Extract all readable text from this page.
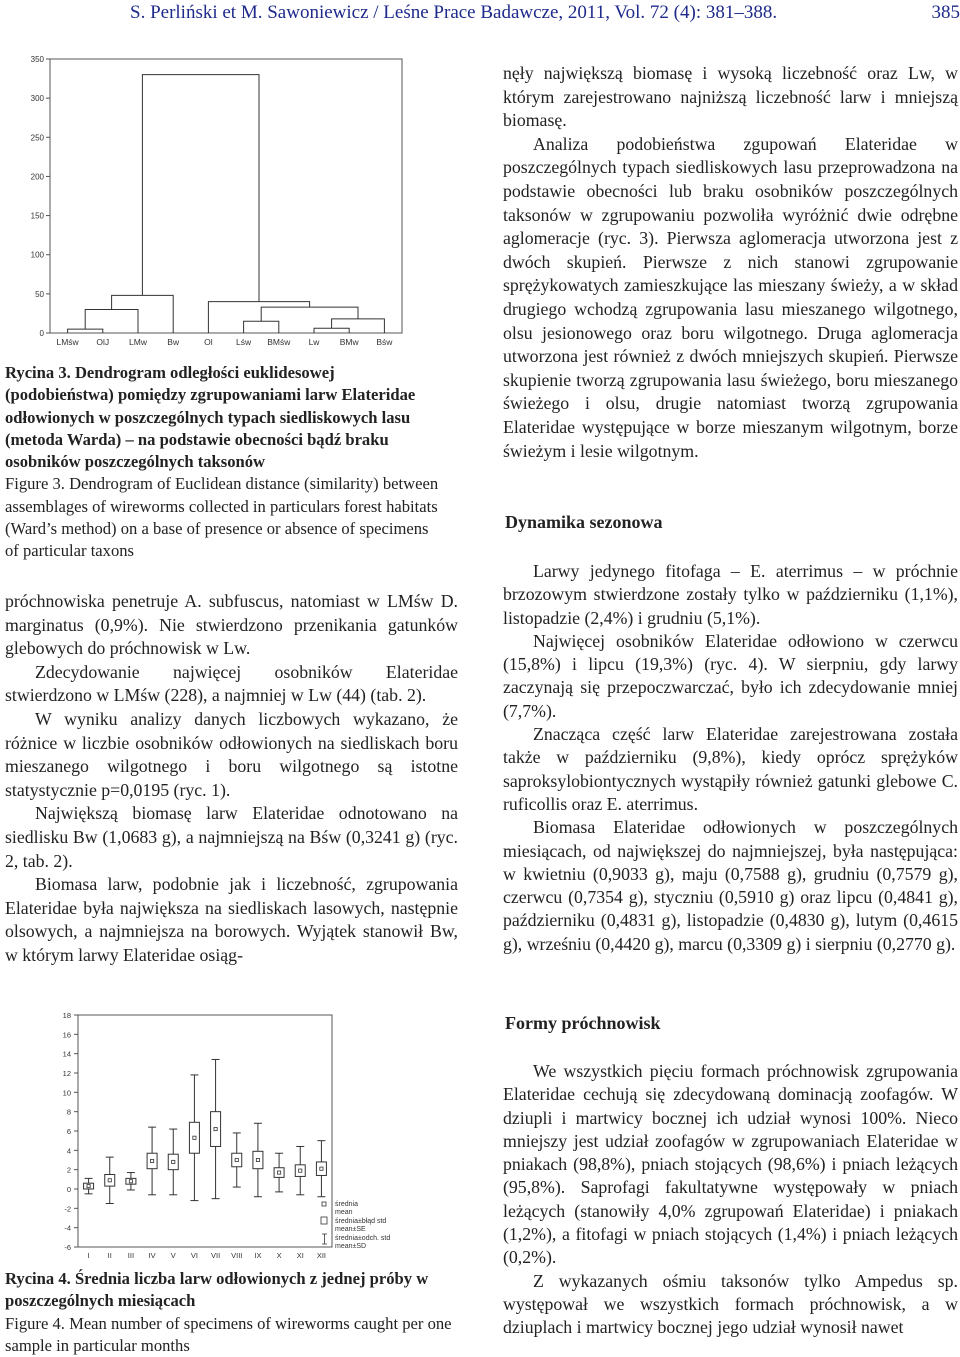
S. Perliński et M. Sawoniewicz / Leśne Prace Badawcze, 2011, Vol. 72 (4): 381–388.	385
0
50
100
150
200
250
300
350
LMśw OlJ LMw Bw	Ol	Lśw BMśw Lw BMw Bśw
Rycina 3. Dendrogram odległości euklidesowej (podobieństwa) pomiędzy zgrupowaniami larw Elateridae odłowionych w poszczególnych typach siedliskowych lasu (metoda Warda) – na podstawie obecności bądź braku osobników poszczególnych taksonów
Figure 3. Dendrogram of Euclidean distance (similarity) between assemblages of wireworms collected in particulars forest habitats (Ward’s method) on a base of presence or absence of specimens of particular taxons

próchnowiska penetruje A. subfuscus, natomiast w LMśw D. marginatus (0,9%). Nie stwierdzono przenikania gatunków glebowych do próchnowisk w Lw.

Zdecydowanie najwięcej osobników Elateridae stwierdzono w LMśw (228), a najmniej w Lw (44) (tab. 2).

W wyniku analizy danych liczbowych wykazano, że różnice w liczbie osobników odłowionych na siedliskach boru mieszanego wilgotnego i boru wilgotnego są istotne statystycznie p=0,0195 (ryc. 1).

Największą biomasę larw Elateridae odnotowano na siedlisku Bw (1,0683 g), a najmniejszą na Bśw (0,3241 g) (ryc. 2, tab. 2).

Biomasa larw, podobnie jak i liczebność, zgrupowania Elateridae była największa na siedliskach lasowych, następnie olsowych, a najmniejsza na borowych. Wyjątek stanowił Bw, w którym larwy Elateridae osiąg-

18
16
14
12
10
8
6
4
2
0
-2
-4
-6
I II III IV V VI VII VIII IX X XI XII
średnia
mean
średnia±błąd std
mean±SE
średnia±odch. std
mean±SD
Rycina 4. Średnia liczba larw odłowionych z jednej próby w poszczególnych miesiącach
Figure 4. Mean number of specimens of wireworms caught per one sample in particular months

nęły największą biomasę i wysoką liczebność oraz Lw, w którym zarejestrowano najniższą liczebność larw i mniejszą biomasę.

Analiza podobieństwa zgupowań Elateridae w poszczególnych typach siedliskowych lasu przeprowadzona na podstawie obecności lub braku osobników poszczególnych taksonów w zgrupowaniu pozwoliła wyróżnić dwie odrębne aglomeracje (ryc. 3). Pierwsza aglomeracja utworzona jest z dwóch skupień. Pierwsze z nich stanowi zgrupowanie sprężykowatych zamieszkujące las mieszany świeży, a w skład drugiego wchodzą zgrupowania lasu mieszanego wilgotnego, olsu jesionowego oraz boru wilgotnego. Druga aglomeracja utworzona jest również z dwóch mniejszych skupień. Pierwsze skupienie tworzą zgrupowania lasu świeżego, boru mieszanego świeżego i olsu, drugie natomiast tworzą zgrupowania Elateridae występujące w borze mieszanym wilgotnym, borze świeżym i lesie wilgotnym.

Dynamika sezonowa

Larwy jedynego fitofaga – E. aterrimus – w próchnie brzozowym stwierdzone zostały tylko w październiku (1,1%), listopadzie (2,4%) i grudniu (5,1%).

Najwięcej osobników Elateridae odłowiono w czerwcu (15,8%) i lipcu (19,3%) (ryc. 4). W sierpniu, gdy larwy zaczynają się przepoczwarczać, było ich zdecydowanie mniej (7,7%).

Znacząca część larw Elateridae zarejestrowana została także w październiku (9,8%), kiedy oprócz sprężyków saproksylobiontycznych wystąpiły również gatunki glebowe C. ruficollis oraz E. aterrimus.

Biomasa Elateridae odłowionych w poszczególnych miesiącach, od największej do najmniejszej, była następująca: w kwietniu (0,9033 g), maju (0,7588 g), grudniu (0,7579 g), czerwcu (0,7354 g), styczniu (0,5910 g) oraz lipcu (0,4841 g), październiku (0,4831 g), listopadzie (0,4830 g), lutym (0,4615 g), wrześniu (0,4420 g), marcu (0,3309 g) i sierpniu (0,2770 g).

Formy próchnowisk

We wszystkich pięciu formach próchnowisk zgrupowania Elateridae cechują się zdecydowaną dominacją zoofagów. W dziupli i martwicy bocznej ich udział wynosi 100%. Nieco mniejszy jest udział zoofagów w zgrupowaniach Elateridae w pniakach (98,8%), pniach stojących (98,6%) i pniach leżących (95,8%). Saprofagi fakultatywne występowały w pniach leżących (stanowiły 4,0% zgrupowań Elateridae) i pniakach (1,2%), a fitofagi w pniach stojących (1,4%) i pniach leżących (0,2%).

Z wykazanych ośmiu taksonów tylko Ampedus sp. występował we wszystkich formach próchnowisk, a w dziuplach i martwicy bocznej jego udział wynosił nawet
